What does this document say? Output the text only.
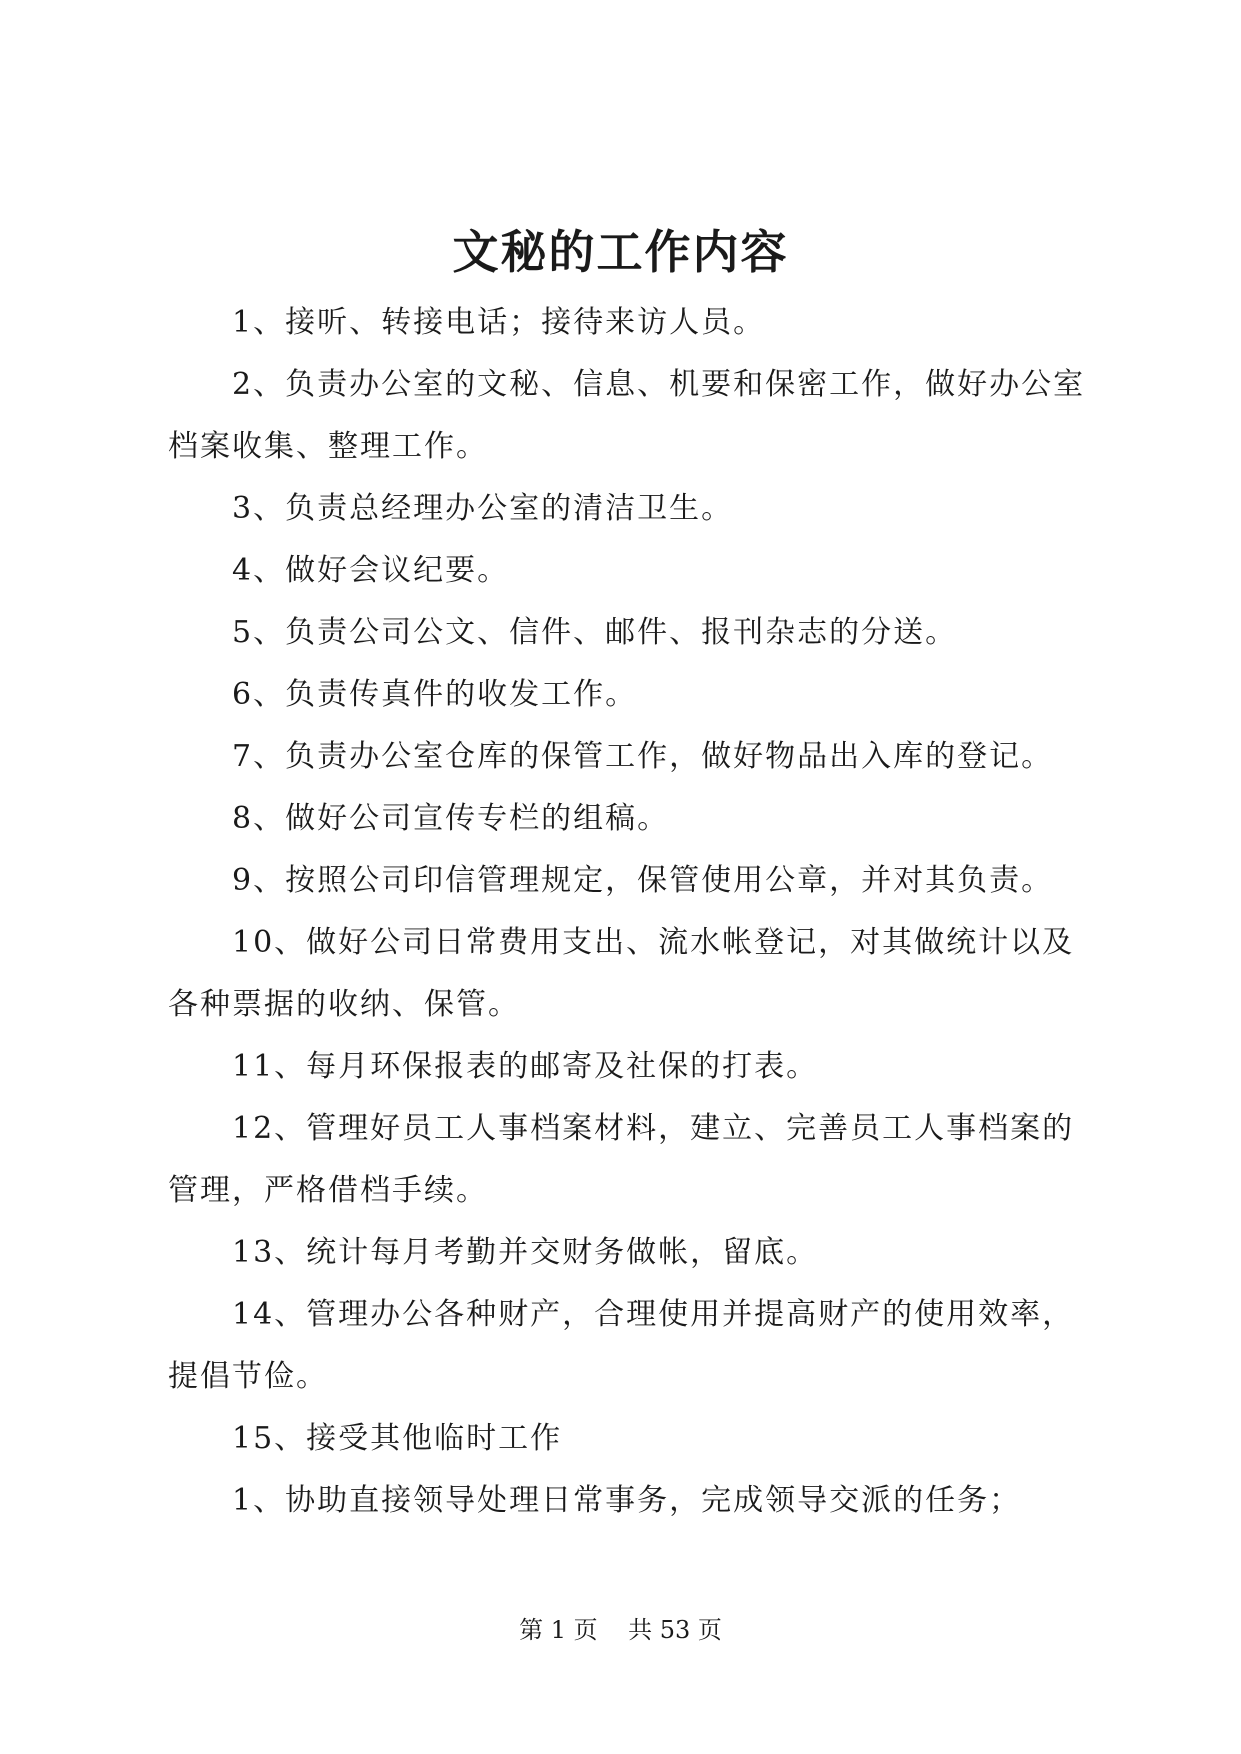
文秘的工作内容

1、接听、转接电话；接待来访人员。

2、负责办公室的文秘、信息、机要和保密工作，做好办公室档案收集、整理工作。

3、负责总经理办公室的清洁卫生。

4、做好会议纪要。

5、负责公司公文、信件、邮件、报刊杂志的分送。

6、负责传真件的收发工作。

7、负责办公室仓库的保管工作，做好物品出入库的登记。

8、做好公司宣传专栏的组稿。

9、按照公司印信管理规定，保管使用公章，并对其负责。

10、做好公司日常费用支出、流水帐登记，对其做统计以及各种票据的收纳、保管。

11、每月环保报表的邮寄及社保的打表。

12、管理好员工人事档案材料，建立、完善员工人事档案的管理，严格借档手续。

13、统计每月考勤并交财务做帐，留底。

14、管理办公各种财产，合理使用并提高财产的使用效率，提倡节俭。

15、接受其他临时工作

1、协助直接领导处理日常事务，完成领导交派的任务；

第 1 页 共 53 页
